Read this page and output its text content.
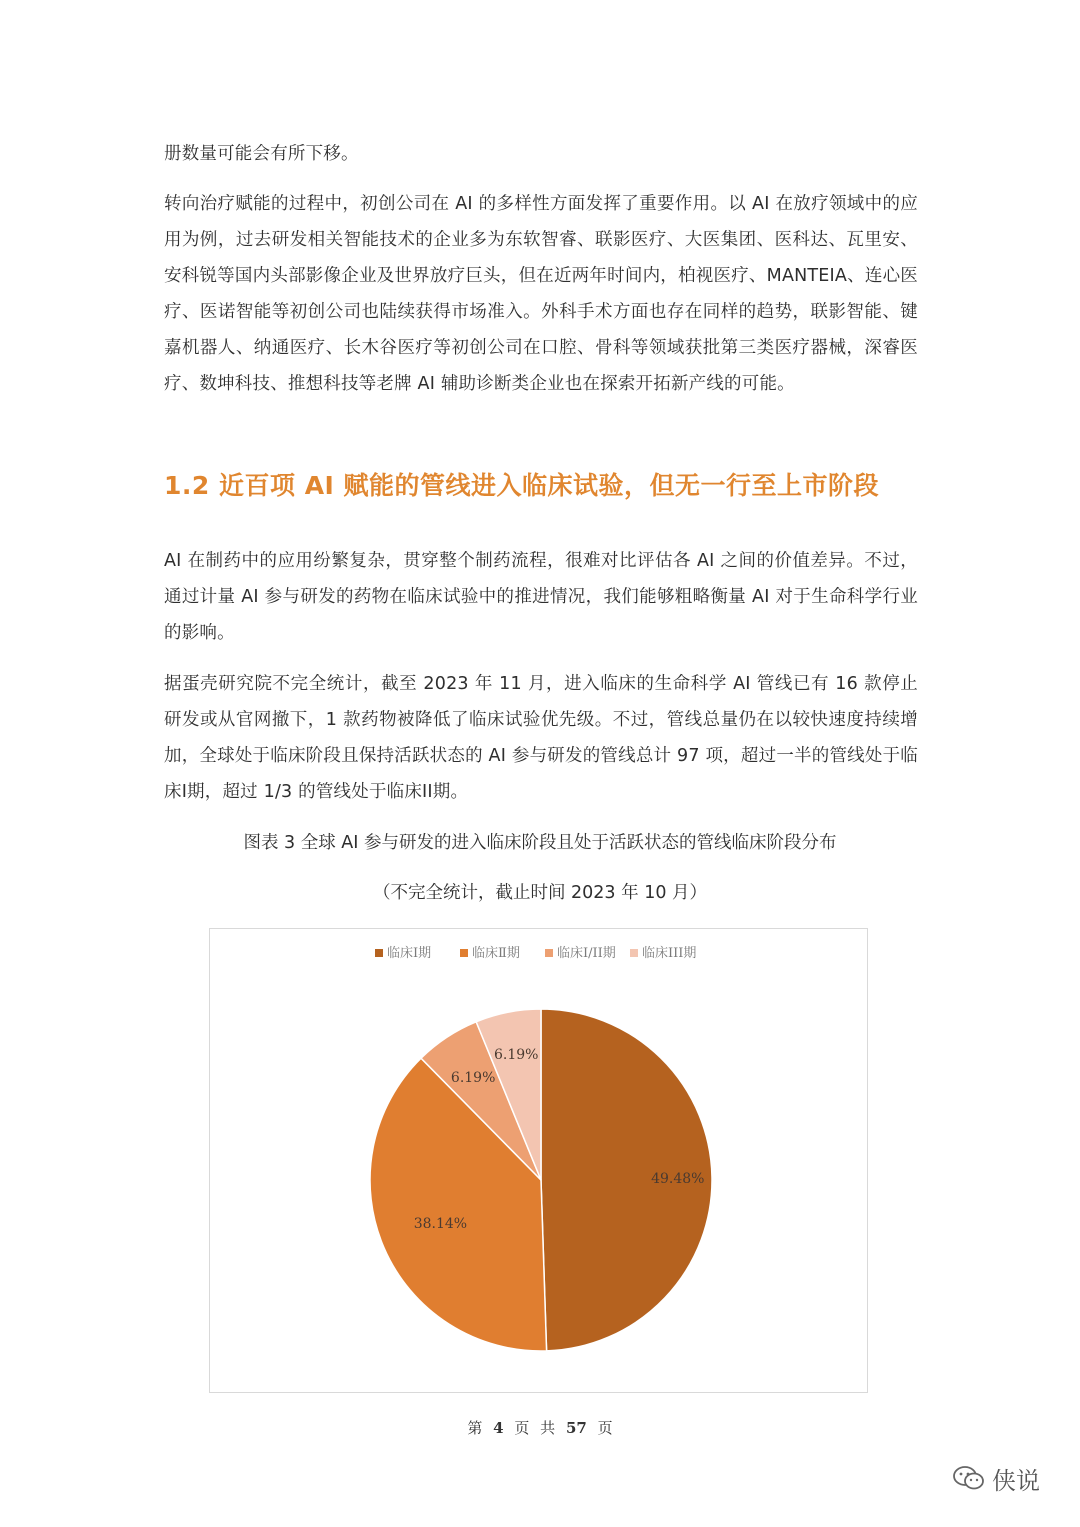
册数量可能会有所下移。

转向治疗赋能的过程中，初创公司在 AI 的多样性方面发挥了重要作用。以 AI 在放疗领域中的应用为例，过去研发相关智能技术的企业多为东软智睿、联影医疗、大医集团、医科达、瓦里安、安科锐等国内头部影像企业及世界放疗巨头，但在近两年时间内，柏视医疗、MANTEIA、连心医疗、医诺智能等初创公司也陆续获得市场准入。外科手术方面也存在同样的趋势，联影智能、键嘉机器人、纳通医疗、长木谷医疗等初创公司在口腔、骨科等领域获批第三类医疗器械，深睿医疗、数坤科技、推想科技等老牌 AI 辅助诊断类企业也在探索开拓新产线的可能。

1.2 近百项 AI 赋能的管线进入临床试验，但无一行至上市阶段

AI 在制药中的应用纷繁复杂，贯穿整个制药流程，很难对比评估各 AI 之间的价值差异。不过，通过计量 AI 参与研发的药物在临床试验中的推进情况，我们能够粗略衡量 AI 对于生命科学行业的影响。

据蛋壳研究院不完全统计，截至 2023 年 11 月，进入临床的生命科学 AI 管线已有 16 款停止研发或从官网撤下，1 款药物被降低了临床试验优先级。不过，管线总量仍在以较快速度持续增加，全球处于临床阶段且保持活跃状态的 AI 参与研发的管线总计 97 项，超过一半的管线处于临床I期，超过 1/3 的管线处于临床II期。

图表 3 全球 AI 参与研发的进入临床阶段且处于活跃状态的管线临床阶段分布

（不完全统计，截止时间 2023 年 10 月）

临床Ⅰ期	临床Ⅱ期	临床I/II期 临床III期
49.48%
38.14%
6.19%
6.19%
第 4 页 共 57 页
侠说
